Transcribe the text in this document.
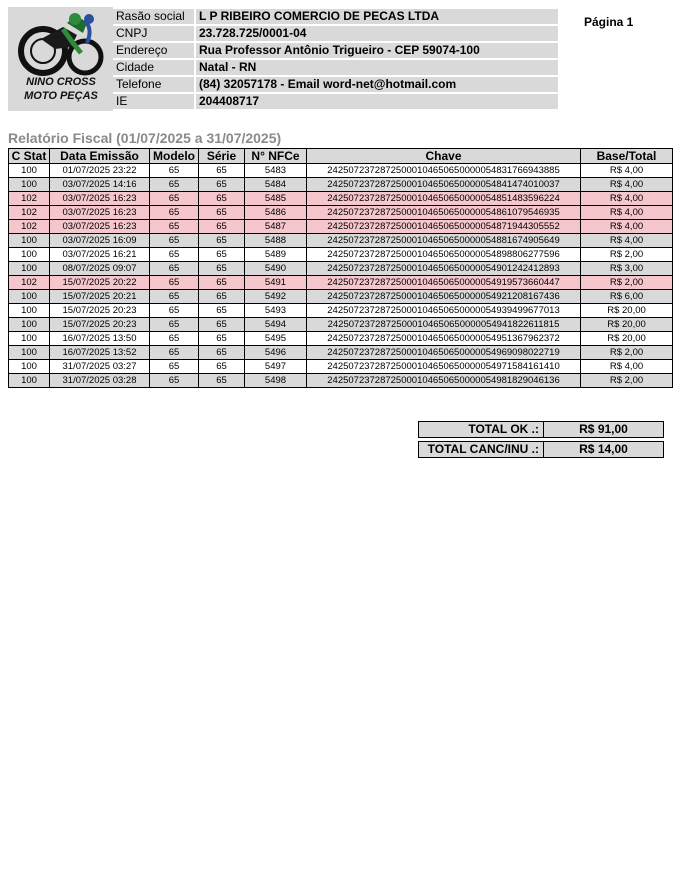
NINO CROSS
MOTO PEÇAS
Rasão social	L P RIBEIRO COMERCIO DE PECAS LTDA
CNPJ	23.728.725/0001-04
Endereço	Rua Professor Antônio Trigueiro - CEP 59074-100
Cidade	Natal - RN
Telefone	(84) 32057178 - Email word-net@hotmail.com
IE	204408717
Página 1
Relatório Fiscal (01/07/2025 a 31/07/2025)
C Stat	Data Emissão	Modelo	Série	N° NFCe	Chave	Base/Total
100	01/07/2025 23:22	65	65	5483	24250723728725000104650650000054831766943885	R$ 4,00
100	03/07/2025 14:16	65	65	5484	24250723728725000104650650000054841474010037	R$ 4,00
102	03/07/2025 16:23	65	65	5485	24250723728725000104650650000054851483596224	R$ 4,00
102	03/07/2025 16:23	65	65	5486	24250723728725000104650650000054861079546935	R$ 4,00
102	03/07/2025 16:23	65	65	5487	24250723728725000104650650000054871944305552	R$ 4,00
100	03/07/2025 16:09	65	65	5488	24250723728725000104650650000054881674905649	R$ 4,00
100	03/07/2025 16:21	65	65	5489	24250723728725000104650650000054898806277596	R$ 2,00
100	08/07/2025 09:07	65	65	5490	24250723728725000104650650000054901242412893	R$ 3,00
102	15/07/2025 20:22	65	65	5491	24250723728725000104650650000054919573660447	R$ 2,00
100	15/07/2025 20:21	65	65	5492	24250723728725000104650650000054921208167436	R$ 6,00
100	15/07/2025 20:23	65	65	5493	24250723728725000104650650000054939499677013	R$ 20,00
100	15/07/2025 20:23	65	65	5494	24250723728725000104650650000054941822611815	R$ 20,00
100	16/07/2025 13:50	65	65	5495	24250723728725000104650650000054951367962372	R$ 20,00
100	16/07/2025 13:52	65	65	5496	24250723728725000104650650000054969098022719	R$ 2,00
100	31/07/2025 03:27	65	65	5497	24250723728725000104650650000054971584161410	R$ 4,00
100	31/07/2025 03:28	65	65	5498	24250723728725000104650650000054981829046136	R$ 2,00
TOTAL OK .:	R$ 91,00
TOTAL CANC/INU .:	R$ 14,00
